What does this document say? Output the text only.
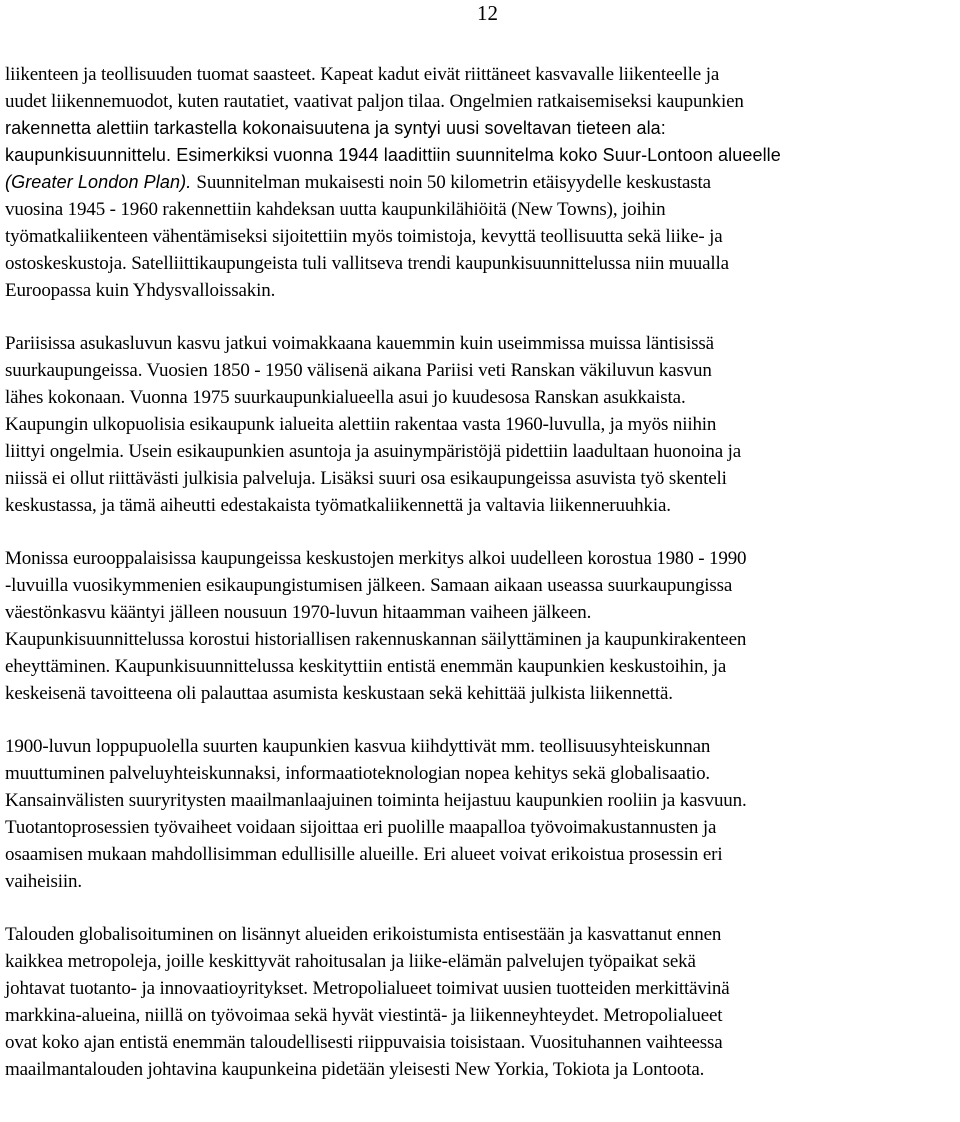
12
liikenteen ja teollisuuden tuomat saasteet. Kapeat kadut eivät riittäneet kasvavalle liikenteelle ja
uudet liikennemuodot, kuten rautatiet, vaativat paljon tilaa. Ongelmien ratkaisemiseksi kaupunkien
rakennetta alettiin tarkastella kokonaisuutena ja syntyi uusi soveltavan tieteen ala:
kaupunkisuunnittelu. Esimerkiksi vuonna 1944 laadittiin suunnitelma koko Suur-Lontoon alueelle
(Greater London Plan). Suunnitelman mukaisesti noin 50 kilometrin etäisyydelle keskustasta
vuosina 1945 - 1960 rakennettiin kahdeksan uutta kaupunkilähiöitä (New Towns), joihin
työmatkaliikenteen vähentämiseksi sijoitettiin myös toimistoja, kevyttä teollisuutta sekä liike- ja
ostoskeskustoja. Satelliittikaupungeista tuli vallitseva trendi kaupunkisuunnittelussa niin muualla
Euroopassa kuin Yhdysvalloissakin.
Pariisissa asukasluvun kasvu jatkui voimakkaana kauemmin kuin useimmissa muissa läntisissä
suurkaupungeissa. Vuosien 1850 - 1950 välisenä aikana Pariisi veti Ranskan väkiluvun kasvun
lähes kokonaan. Vuonna 1975 suurkaupunkialueella asui jo kuudesosa Ranskan asukkaista.
Kaupungin ulkopuolisia esikaupunk ialueita alettiin rakentaa vasta 1960-luvulla, ja myös niihin
liittyi ongelmia. Usein esikaupunkien asuntoja ja asuinympäristöjä pidettiin laadultaan huonoina ja
niissä ei ollut riittävästi julkisia palveluja. Lisäksi suuri osa esikaupungeissa asuvista työ skenteli
keskustassa, ja tämä aiheutti edestakaista työmatkaliikennettä ja valtavia liikenneruuhkia.
Monissa eurooppalaisissa kaupungeissa keskustojen merkitys alkoi uudelleen korostua 1980 - 1990
-luvuilla vuosikymmenien esikaupungistumisen jälkeen. Samaan aikaan useassa suurkaupungissa
väestönkasvu kääntyi jälleen nousuun 1970-luvun hitaamman vaiheen jälkeen.
Kaupunkisuunnittelussa korostui historiallisen rakennuskannan säilyttäminen ja kaupunkirakenteen
eheyttäminen. Kaupunkisuunnittelussa keskityttiin entistä enemmän kaupunkien keskustoihin, ja
keskeisenä tavoitteena oli palauttaa asumista keskustaan sekä kehittää julkista liikennettä.
1900-luvun loppupuolella suurten kaupunkien kasvua kiihdyttivät mm. teollisuusyhteiskunnan
muuttuminen palveluyhteiskunnaksi, informaatioteknologian nopea kehitys sekä globalisaatio.
Kansainvälisten suuryritysten maailmanlaajuinen toiminta heijastuu kaupunkien rooliin ja kasvuun.
Tuotantoprosessien työvaiheet voidaan sijoittaa eri puolille maapalloa työvoimakustannusten ja
osaamisen mukaan mahdollisimman edullisille alueille. Eri alueet voivat erikoistua prosessin eri
vaiheisiin.
Talouden globalisoituminen on lisännyt alueiden erikoistumista entisestään ja kasvattanut ennen
kaikkea metropoleja, joille keskittyvät rahoitusalan ja liike-elämän palvelujen työpaikat sekä
johtavat tuotanto- ja innovaatioyritykset. Metropolialueet toimivat uusien tuotteiden merkittävinä
markkina-alueina, niillä on työvoimaa sekä hyvät viestintä- ja liikenneyhteydet. Metropolialueet
ovat koko ajan entistä enemmän taloudellisesti riippuvaisia toisistaan. Vuosituhannen vaihteessa
maailmantalouden johtavina kaupunkeina pidetään yleisesti New Yorkia, Tokiota ja Lontoota.
